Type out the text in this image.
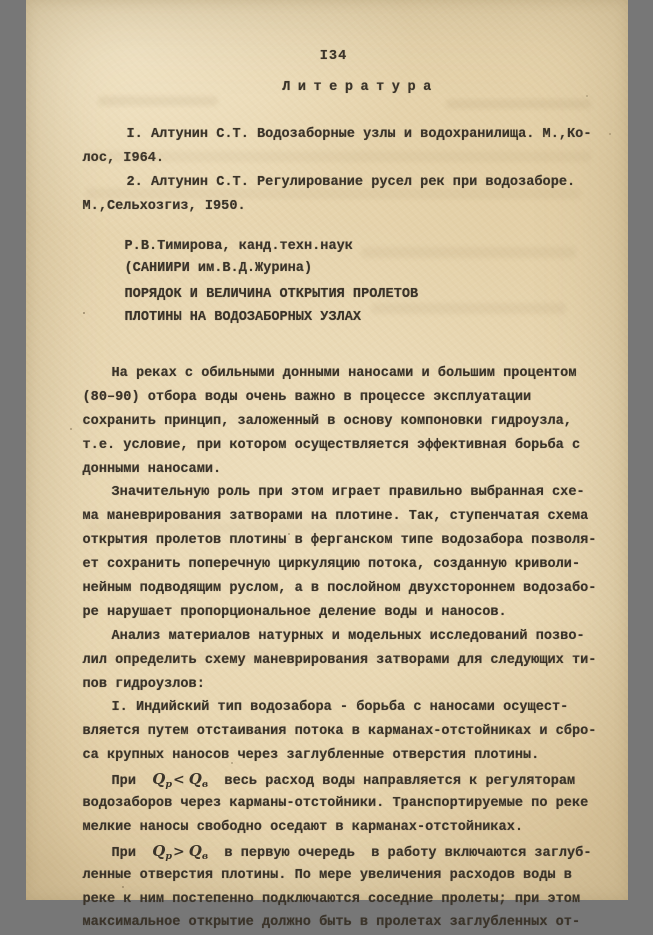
I34
Литература
I. Алтунин С.Т. Водозаборные узлы и водохранилища. М.,Ко-
лос, I964.
2. Алтунин С.Т. Регулирование русел рек при водозаборе.
М.,Сельхозгиз, I950.
Р.В.Тимирова, канд.техн.наук
(САНИИРИ им.В.Д.Журина)
ПОРЯДОК И ВЕЛИЧИНА ОТКРЫТИЯ ПРОЛЕТОВ
ПЛОТИНЫ НА ВОДОЗАБОРНЫХ УЗЛАХ
На реках с обильными донными наносами и большим процентом
(80–90) отбора воды очень важно в процессе эксплуатации
сохранить принцип, заложенный в основу компоновки гидроузла,
т.е. условие, при котором осуществляется эффективная борьба с
донными наносами.
Значительную роль при этом играет правильно выбранная схе-
ма маневрирования затворами на плотине. Так, ступенчатая схема
открытия пролетов плотины в ферганском типе водозабора позволя-
ет сохранить поперечную циркуляцию потока, созданную криволи-
нейным подводящим руслом, а в послойном двухстороннем водозабо-
ре нарушает пропорциональное деление воды и наносов.
Анализ материалов натурных и модельных исследований позво-
лил определить схему маневрирования затворами для следующих ти-
пов гидроузлов:
I. Индийский тип водозабора - борьба с наносами осущест-
вляется путем отстаивания потока в карманах-отстойниках и сбро-
са крупных наносов через заглубленные отверстия плотины.
При  $Q_р< Q_в$  весь расход воды направляется к регуляторам
водозаборов через карманы-отстойники. Транспортируемые по реке
мелкие наносы свободно оседают в карманах-отстойниках.
При  $Q_р> Q_в$  в первую очередь  в работу включаются заглуб-
ленные отверстия плотины. По мере увеличения расходов воды в
реке к ним постепенно подключаются соседние пролеты; при этом
максимальное открытие должно быть в пролетах заглубленных от-
